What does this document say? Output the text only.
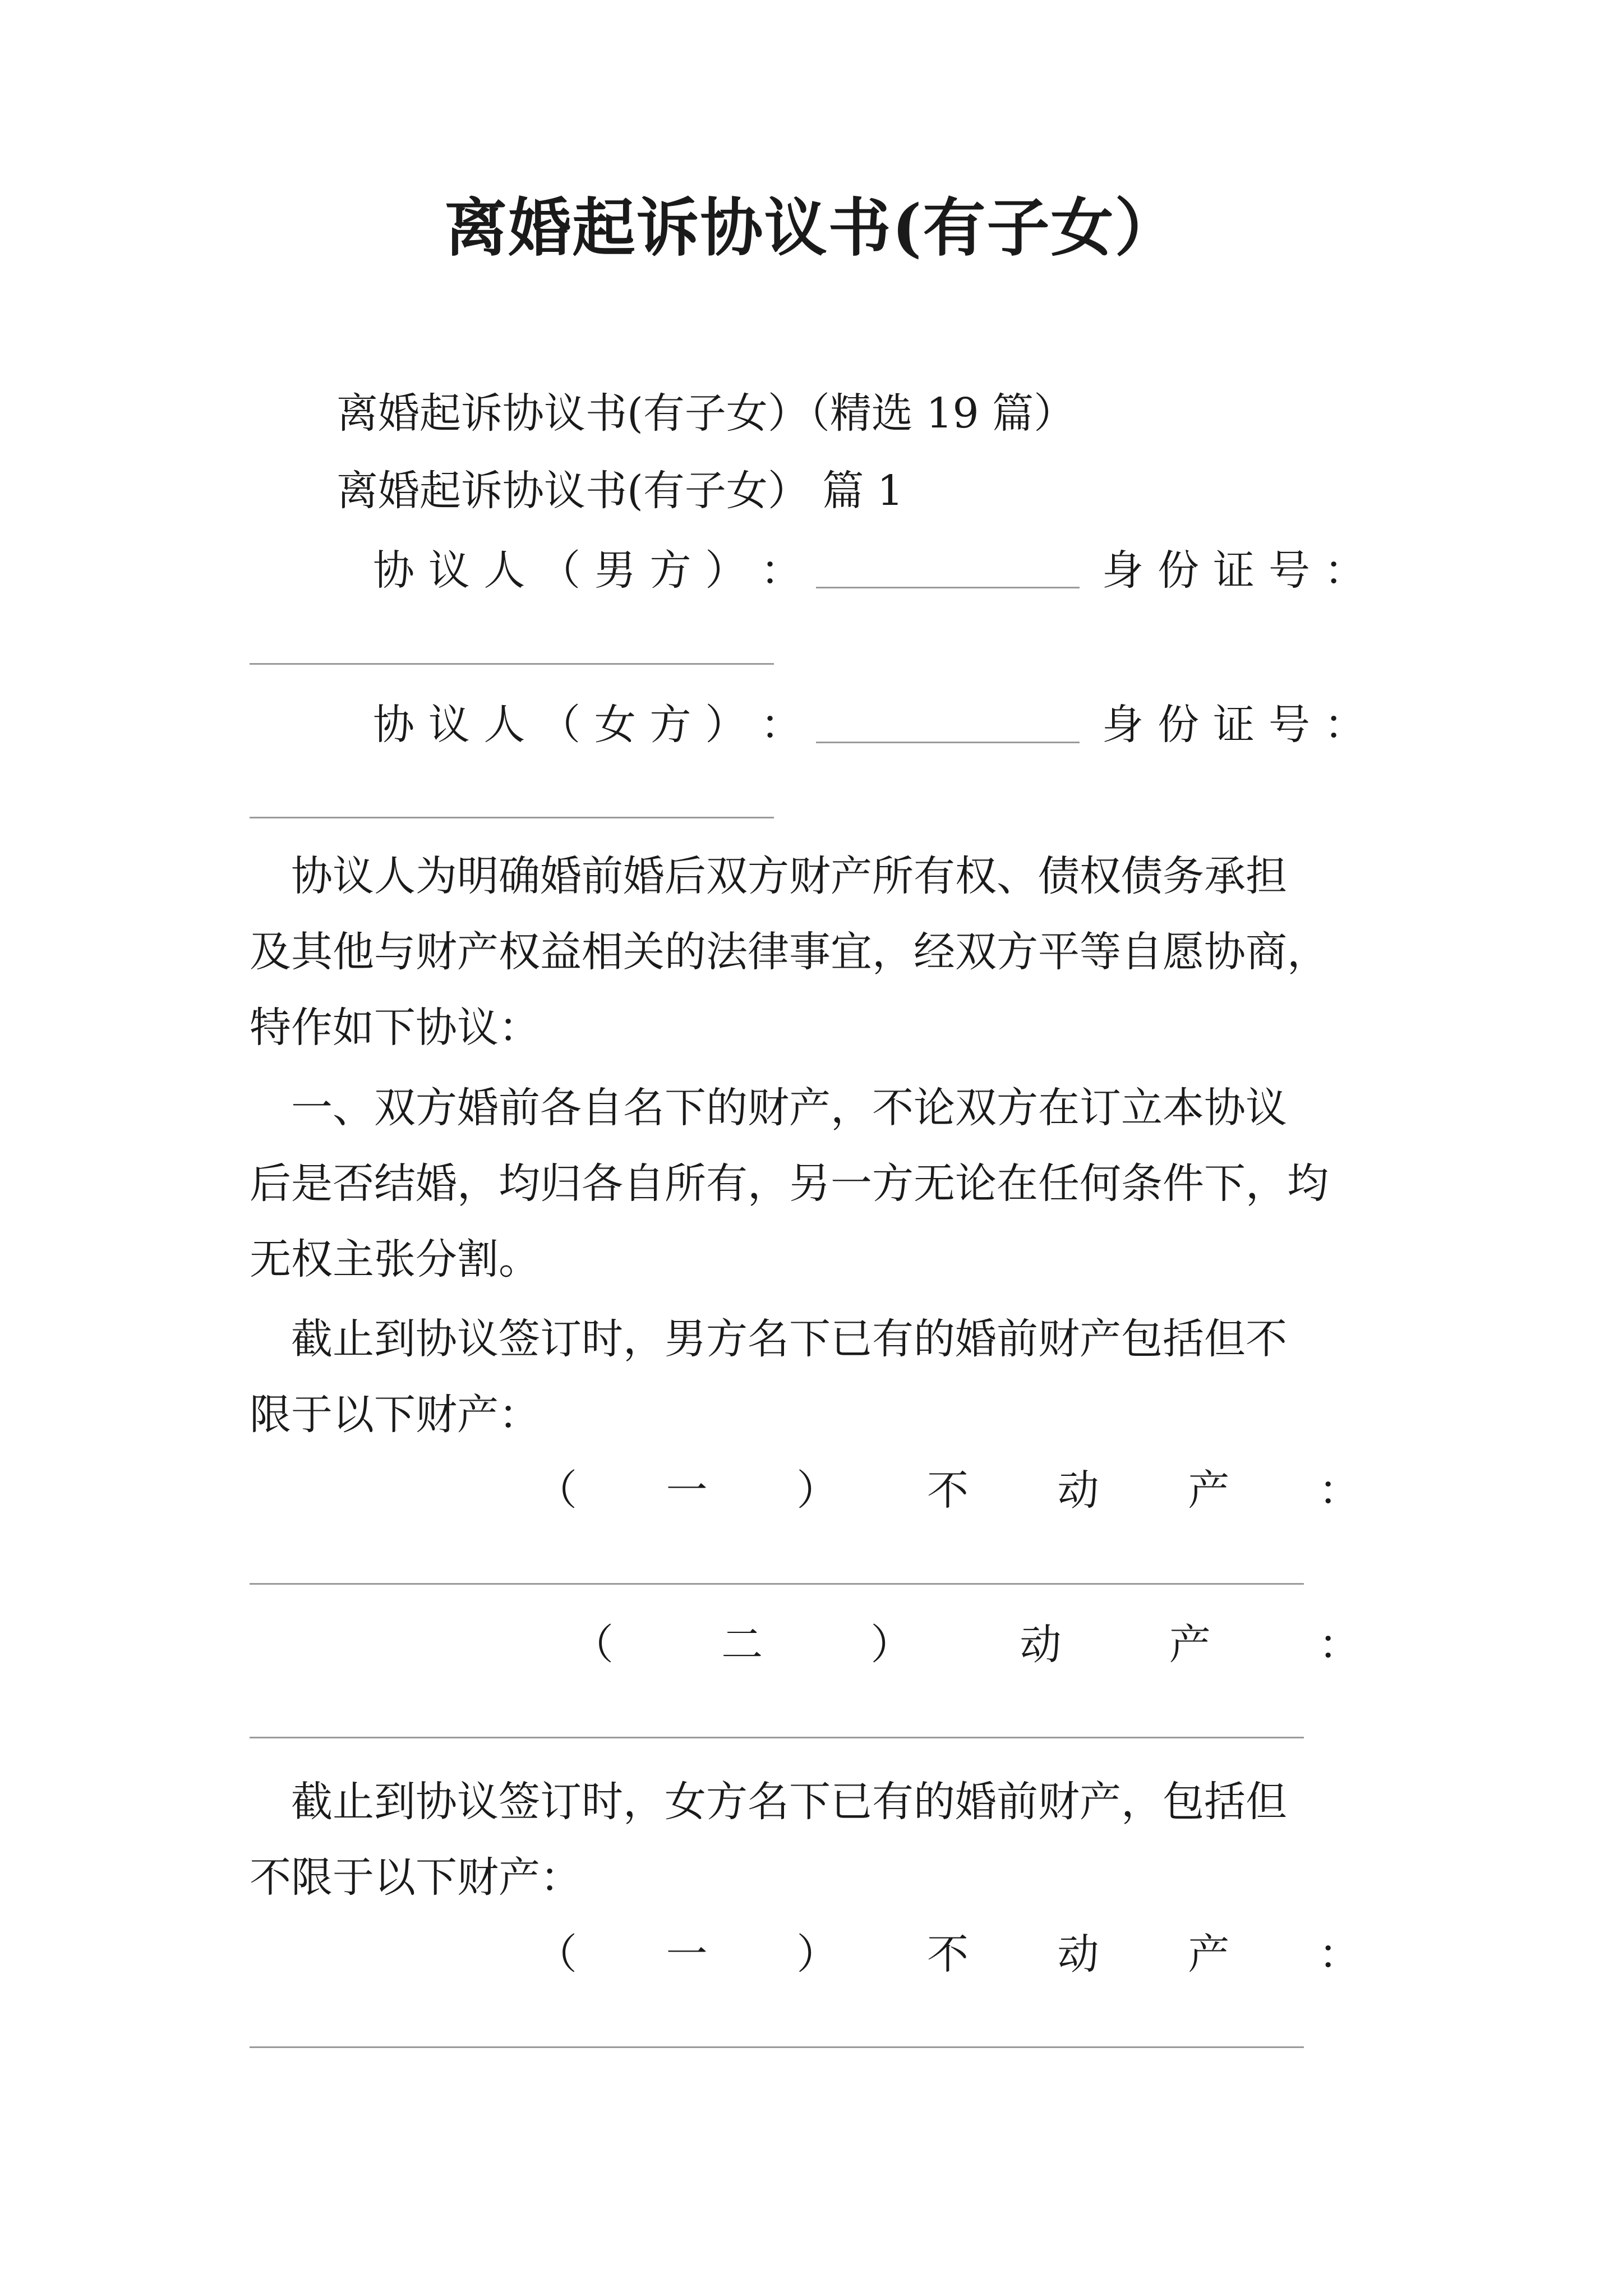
离婚起诉协议书(有子女）
离婚起诉协议书(有子女）（精选 19 篇）
离婚起诉协议书(有子女） 篇 1
协 议 人 （ 男 方 ） ：	身 份 证 号 ：
协 议 人 （ 女 方 ） ：	身 份 证 号 ：
　协议人为明确婚前婚后双方财产所有权、债权债务承担
及其他与财产权益相关的法律事宜，经双方平等自愿协商，
特作如下协议：
　一、双方婚前各自名下的财产，不论双方在订立本协议
后是否结婚，均归各自所有，另一方无论在任何条件下，均
无权主张分割。
　截止到协议签订时，男方名下已有的婚前财产包括但不
限于以下财产：
（ 一 ） 不 动 产 ：
（	二	）	动	产	：
　截止到协议签订时，女方名下已有的婚前财产，包括但
不限于以下财产：
（ 一 ） 不 动 产 ：
